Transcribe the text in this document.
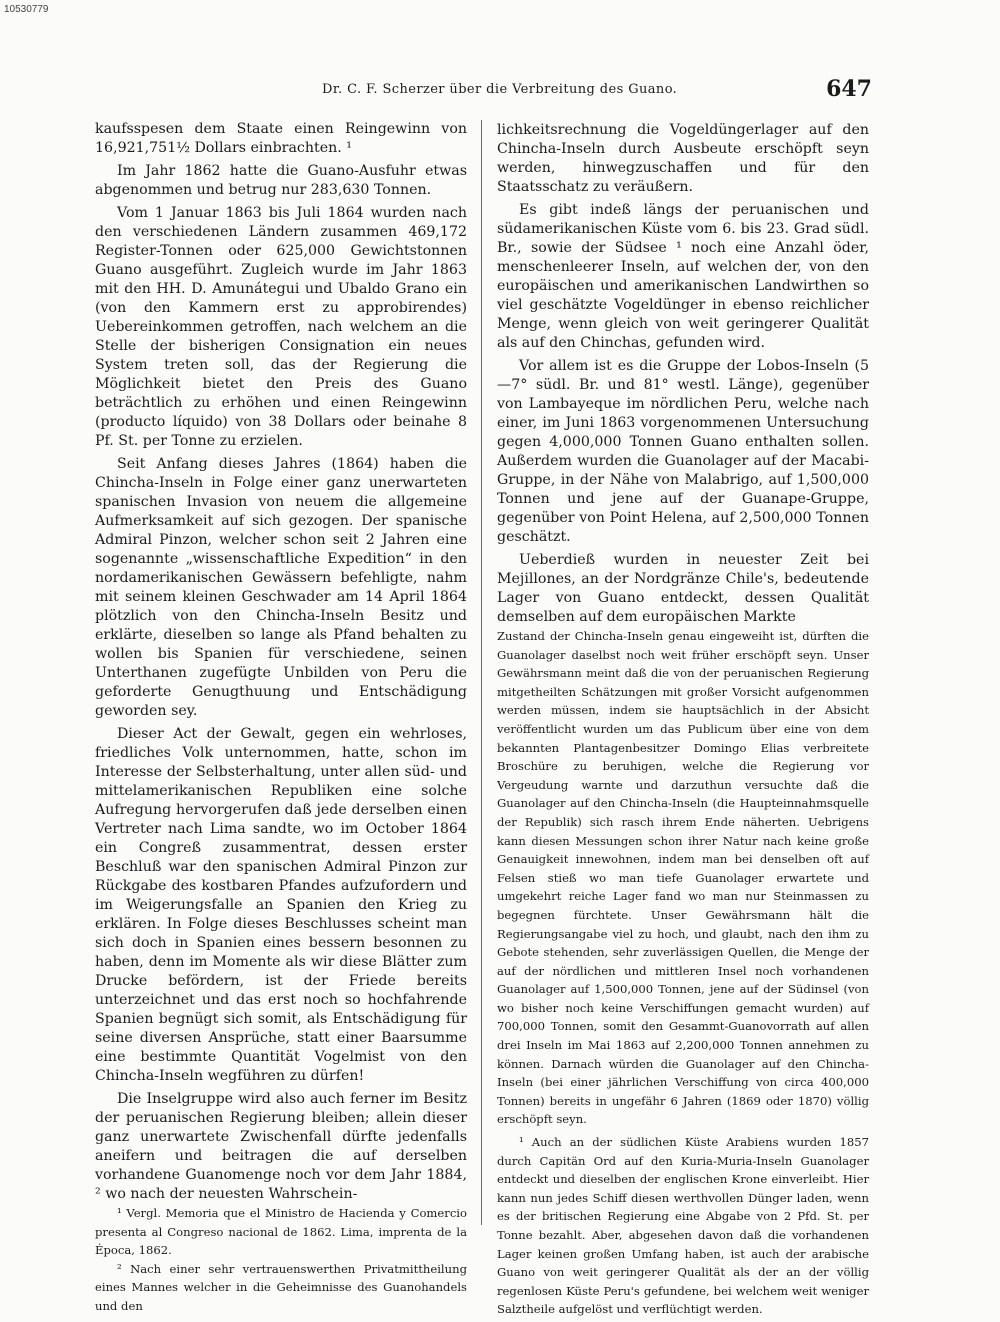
10530779
Dr. C. F. Scherzer über die Verbreitung des Guano.	647

kaufsspesen dem Staate einen Reingewinn von 16,921,751½ Dollars einbrachten. ¹

Im Jahr 1862 hatte die Guano-Ausfuhr etwas abgenommen und betrug nur 283,630 Tonnen.

Vom 1 Januar 1863 bis Juli 1864 wurden nach den verschiedenen Ländern zusammen 469,172 Register-Tonnen oder 625,000 Gewichtstonnen Guano ausgeführt. Zugleich wurde im Jahr 1863 mit den HH. D. Amunátegui und Ubaldo Grano ein (von den Kammern erst zu approbirendes) Uebereinkommen getroffen, nach welchem an die Stelle der bisherigen Consignation ein neues System treten soll, das der Regierung die Möglichkeit bietet den Preis des Guano beträchtlich zu erhöhen und einen Reingewinn (producto líquido) von 38 Dollars oder beinahe 8 Pf. St. per Tonne zu erzielen.

Seit Anfang dieses Jahres (1864) haben die Chincha-Inseln in Folge einer ganz unerwarteten spanischen Invasion von neuem die allgemeine Aufmerksamkeit auf sich gezogen. Der spanische Admiral Pinzon, welcher schon seit 2 Jahren eine sogenannte „wissenschaftliche Expedition“ in den nordamerikanischen Gewässern befehligte, nahm mit seinem kleinen Geschwader am 14 April 1864 plötzlich von den Chincha-Inseln Besitz und erklärte, dieselben so lange als Pfand behalten zu wollen bis Spanien für verschiedene, seinen Unterthanen zugefügte Unbilden von Peru die geforderte Genugthuung und Entschädigung geworden sey.

Dieser Act der Gewalt, gegen ein wehrloses, friedliches Volk unternommen, hatte, schon im Interesse der Selbsterhaltung, unter allen süd- und mittelamerikanischen Republiken eine solche Aufregung hervorgerufen daß jede derselben einen Vertreter nach Lima sandte, wo im October 1864 ein Congreß zusammentrat, dessen erster Beschluß war den spanischen Admiral Pinzon zur Rückgabe des kostbaren Pfandes aufzufordern und im Weigerungsfalle an Spanien den Krieg zu erklären. In Folge dieses Beschlusses scheint man sich doch in Spanien eines bessern besonnen zu haben, denn im Momente als wir diese Blätter zum Drucke befördern, ist der Friede bereits unterzeichnet und das erst noch so hochfahrende Spanien begnügt sich somit, als Entschädigung für seine diversen Ansprüche, statt einer Baarsumme eine bestimmte Quantität Vogelmist von den Chincha-Inseln wegführen zu dürfen!

Die Inselgruppe wird also auch ferner im Besitz der peruanischen Regierung bleiben; allein dieser ganz unerwartete Zwischenfall dürfte jedenfalls aneifern und beitragen die auf derselben vorhandene Guanomenge noch vor dem Jahr 1884, ² wo nach der neuesten Wahrschein-

¹ Vergl. Memoria que el Ministro de Hacienda y Comercio presenta al Congreso nacional de 1862. Lima, imprenta de la Época, 1862.

² Nach einer sehr vertrauenswerthen Privatmittheilung eines Mannes welcher in die Geheimnisse des Guanohandels und den

lichkeitsrechnung die Vogeldüngerlager auf den Chincha-Inseln durch Ausbeute erschöpft seyn werden, hinwegzuschaffen und für den Staatsschatz zu veräußern.

Es gibt indeß längs der peruanischen und südamerikanischen Küste vom 6. bis 23. Grad südl. Br., sowie der Südsee ¹ noch eine Anzahl öder, menschenleerer Inseln, auf welchen der, von den europäischen und amerikanischen Landwirthen so viel geschätzte Vogeldünger in ebenso reichlicher Menge, wenn gleich von weit geringerer Qualität als auf den Chinchas, gefunden wird.

Vor allem ist es die Gruppe der Lobos-Inseln (5—7° südl. Br. und 81° westl. Länge), gegenüber von Lambayeque im nördlichen Peru, welche nach einer, im Juni 1863 vorgenommenen Untersuchung gegen 4,000,000 Tonnen Guano enthalten sollen. Außerdem wurden die Guanolager auf der Macabi-Gruppe, in der Nähe von Malabrigo, auf 1,500,000 Tonnen und jene auf der Guanape-Gruppe, gegenüber von Point Helena, auf 2,500,000 Tonnen geschätzt.

Ueberdieß wurden in neuester Zeit bei Mejillones, an der Nordgränze Chile's, bedeutende Lager von Guano entdeckt, dessen Qualität demselben auf dem europäischen Markte

Zustand der Chincha-Inseln genau eingeweiht ist, dürften die Guanolager daselbst noch weit früher erschöpft seyn. Unser Gewährsmann meint daß die von der peruanischen Regierung mitgetheilten Schätzungen mit großer Vorsicht aufgenommen werden müssen, indem sie hauptsächlich in der Absicht veröffentlicht wurden um das Publicum über eine von dem bekannten Plantagenbesitzer Domingo Elias verbreitete Broschüre zu beruhigen, welche die Regierung vor Vergeudung warnte und darzuthun versuchte daß die Guanolager auf den Chincha-Inseln (die Haupteinnahmsquelle der Republik) sich rasch ihrem Ende näherten. Uebrigens kann diesen Messungen schon ihrer Natur nach keine große Genauigkeit innewohnen, indem man bei denselben oft auf Felsen stieß wo man tiefe Guanolager erwartete und umgekehrt reiche Lager fand wo man nur Steinmassen zu begegnen fürchtete. Unser Gewährsmann hält die Regierungsangabe viel zu hoch, und glaubt, nach den ihm zu Gebote stehenden, sehr zuverlässigen Quellen, die Menge der auf der nördlichen und mittleren Insel noch vorhandenen Guanolager auf 1,500,000 Tonnen, jene auf der Südinsel (von wo bisher noch keine Verschiffungen gemacht wurden) auf 700,000 Tonnen, somit den Gesammt-Guanovorrath auf allen drei Inseln im Mai 1863 auf 2,200,000 Tonnen annehmen zu können. Darnach würden die Guanolager auf den Chincha-Inseln (bei einer jährlichen Verschiffung von circa 400,000 Tonnen) bereits in ungefähr 6 Jahren (1869 oder 1870) völlig erschöpft seyn.

¹ Auch an der südlichen Küste Arabiens wurden 1857 durch Capitän Ord auf den Kuria-Muria-Inseln Guanolager entdeckt und dieselben der englischen Krone einverleibt. Hier kann nun jedes Schiff diesen werthvollen Dünger laden, wenn es der britischen Regierung eine Abgabe von 2 Pfd. St. per Tonne bezahlt. Aber, abgesehen davon daß die vorhandenen Lager keinen großen Umfang haben, ist auch der arabische Guano von weit geringerer Qualität als der an der völlig regenlosen Küste Peru's gefundene, bei welchem weit weniger Salztheile aufgelöst und verflüchtigt werden.
